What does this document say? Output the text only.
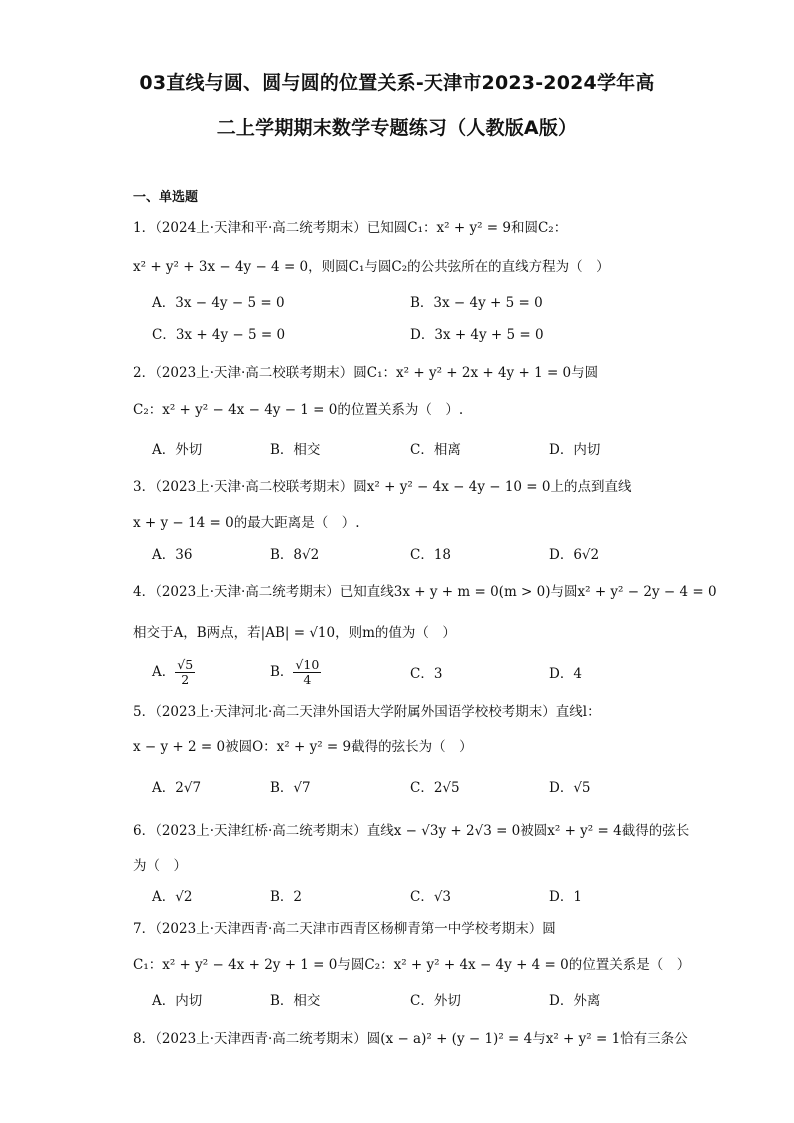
03直线与圆、圆与圆的位置关系-天津市2023-2024学年高
二上学期期末数学专题练习（人教版A版）
一、单选题
1．（2024上·天津和平·高二统考期末）已知圆C₁：x² + y² = 9和圆C₂：
x² + y² + 3x − 4y − 4 = 0，则圆C₁与圆C₂的公共弦所在的直线方程为（　）
A．3x − 4y − 5 = 0	B．3x − 4y + 5 = 0
C．3x + 4y − 5 = 0	D．3x + 4y + 5 = 0
2．（2023上·天津·高二校联考期末）圆C₁：x² + y² + 2x + 4y + 1 = 0与圆
C₂：x² + y² − 4x − 4y − 1 = 0的位置关系为（　）.
A．外切	B．相交	C．相离	D．内切
3．（2023上·天津·高二校联考期末）圆x² + y² − 4x − 4y − 10 = 0上的点到直线
x + y − 14 = 0的最大距离是（　）.
A．36	B．8√2	C．18	D．6√2
4．（2023上·天津·高二统考期末）已知直线3x + y + m = 0(m > 0)与圆x² + y² − 2y − 4 = 0
相交于A，B两点，若|AB| = √10，则m的值为（　）
A． $\frac{√5}{2}$	B． $\frac{√10}{4}$	C．3	D．4
5．（2023上·天津河北·高二天津外国语大学附属外国语学校校考期末）直线l：
x − y + 2 = 0被圆O：x² + y² = 9截得的弦长为（　）
A．2√7	B．√7	C．2√5	D．√5
6．（2023上·天津红桥·高二统考期末）直线x − √3y + 2√3 = 0被圆x² + y² = 4截得的弦长
为（　）
A．√2	B．2	C．√3	D．1
7．（2023上·天津西青·高二天津市西青区杨柳青第一中学校考期末）圆
C₁：x² + y² − 4x + 2y + 1 = 0与圆C₂：x² + y² + 4x − 4y + 4 = 0的位置关系是（　）
A．内切	B．相交	C．外切	D．外离
8．（2023上·天津西青·高二统考期末）圆(x − a)² + (y − 1)² = 4与x² + y² = 1恰有三条公
